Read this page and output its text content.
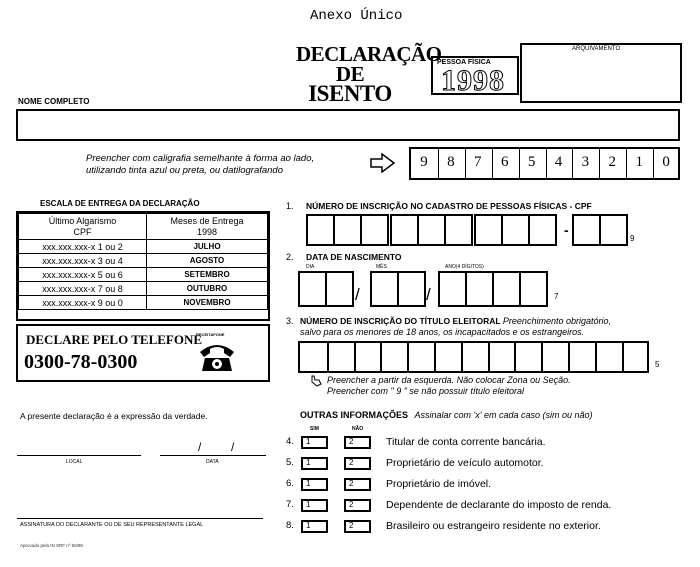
Anexo Único
DECLARAÇÃO
DE
ISENTO
PESSOA FÍSICA
1998
ARQUIVAMENTO
NOME COMPLETO
Preencher com caligrafia semelhante à forma ao lado,
utilizando tinta azul ou preta, ou datilografando
9	8	7	6	5	4	3	2	1	0
ESCALA DE ENTREGA DA DECLARAÇÃO
Último Algarismo CPF	Meses de Entrega
1998

xxx.xxx.xxx-x 1 ou 2	JULHO
xxx.xxx.xxx-x 3 ou 4	AGOSTO
xxx.xxx.xxx-x 5 ou 6	SETEMBRO
xxx.xxx.xxx-x 7 ou 8	OUTUBRO
xxx.xxx.xxx-x 9 ou 0	NOVEMBRO
DECLARE PELO TELEFONE
0300-78-0300
RECEITAFONE
1. NÚMERO DE INSCRIÇÃO NO CADASTRO DE PESSOAS FÍSICAS - CPF
-
9
2. DATA DE NASCIMENTO
DIA	MÊS	ANO(4 DÍGITOS)
/	/	7
3. NÚMERO DE INSCRIÇÃO DO TÍTULO ELEITORAL Preenchimento obrigatório,
salvo para os menores de 18 anos, os incapacitados e os estrangeiros.
5
Preencher a partir da esquerda. Não colocar Zona ou Seção.
Preencher com " 9 " se não possuir título eleitoral
A presente declaração é a expressão da verdade.
/ /
LOCAL	DATA
ASSINATURA DO DECLARANTE OU DE SEU REPRESENTANTE LEGAL
Aprovado pela IN SRF nº 50/98
OUTRAS INFORMAÇÕES Assinalar com 'x' em cada caso (sim ou não)
SIM	NÃO
4. 1	2	Titular de conta corrente bancária.
5. 1	2	Proprietário de veículo automotor.
6. 1	2	Proprietário de imóvel.
7. 1	2	Dependente de declarante do imposto de renda.
8. 1	2	Brasileiro ou estrangeiro residente no exterior.
